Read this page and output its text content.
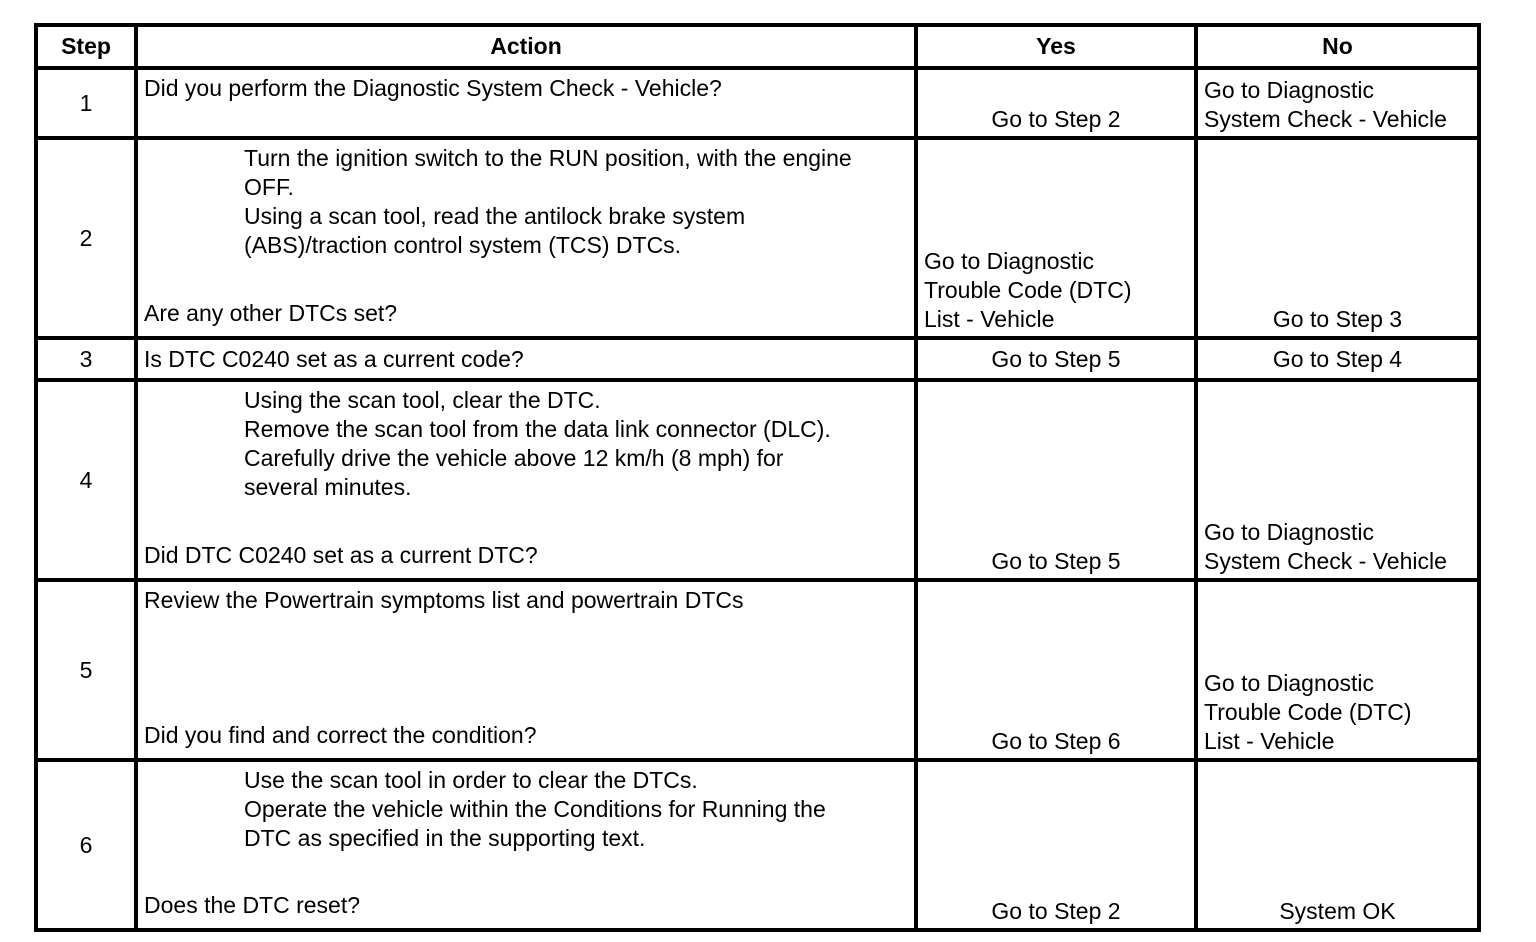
Step	Action	Yes	No
1	Did you perform the Diagnostic System Check - Vehicle?	Go to Step 2	Go to Diagnostic
System Check - Vehicle

2	Turn the ignition switch to the RUN position, with the engine
OFF.
Using a scan tool, read the antilock brake system
(ABS)/traction control system (TCS) DTCs.
Are any other DTCs set?	Go to Diagnostic
Trouble Code (DTC)
List - Vehicle	Go to Step 3

3	Is DTC C0240 set as a current code?	Go to Step 5	Go to Step 4

4	Using the scan tool, clear the DTC.
Remove the scan tool from the data link connector (DLC).
Carefully drive the vehicle above 12 km/h (8 mph) for
several minutes.
Did DTC C0240 set as a current DTC?	Go to Step 5	Go to Diagnostic
System Check - Vehicle

5	Review the Powertrain symptoms list and powertrain DTCs
Did you find and correct the condition?	Go to Step 6	Go to Diagnostic
Trouble Code (DTC)
List - Vehicle

6	Use the scan tool in order to clear the DTCs.
Operate the vehicle within the Conditions for Running the
DTC as specified in the supporting text.
Does the DTC reset?	Go to Step 2	System OK
